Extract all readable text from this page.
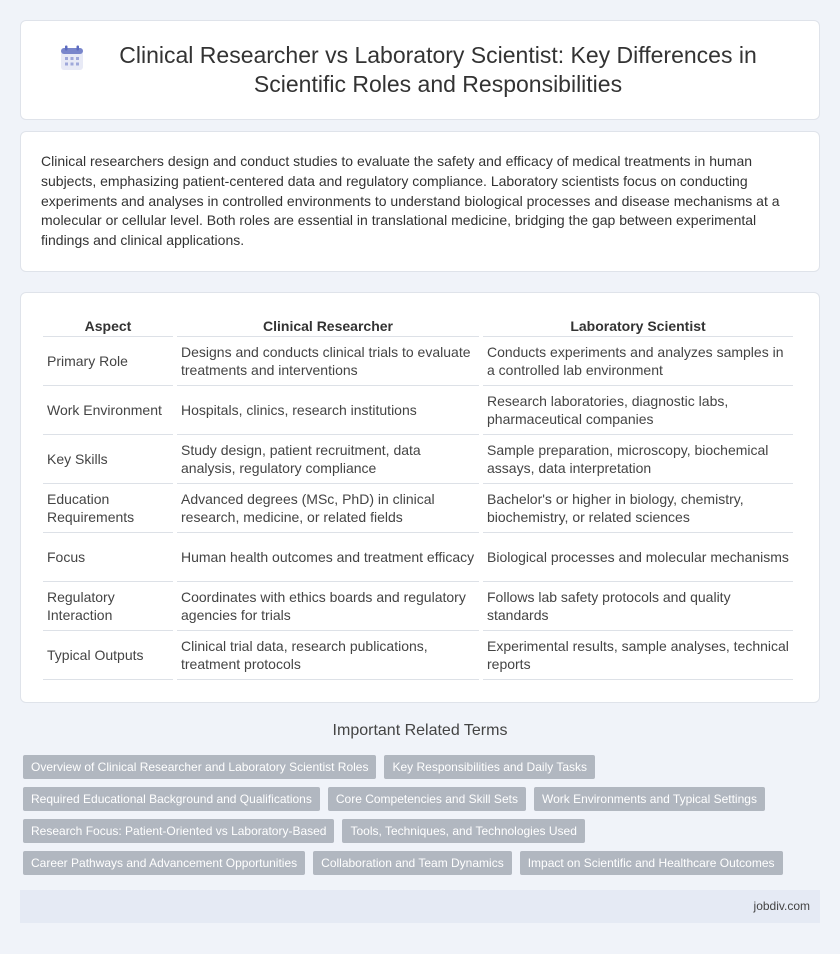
Clinical Researcher vs Laboratory Scientist: Key Differences in Scientific Roles and Responsibilities

Clinical researchers design and conduct studies to evaluate the safety and efficacy of medical treatments in human subjects, emphasizing patient-centered data and regulatory compliance. Laboratory scientists focus on conducting experiments and analyses in controlled environments to understand biological processes and disease mechanisms at a molecular or cellular level. Both roles are essential in translational medicine, bridging the gap between experimental findings and clinical applications.

Aspect	Clinical Researcher	Laboratory Scientist
Primary Role	Designs and conducts clinical trials to evaluate treatments and interventions	Conducts experiments and analyzes samples in a controlled lab environment
Work Environment	Hospitals, clinics, research institutions	Research laboratories, diagnostic labs, pharmaceutical companies
Key Skills	Study design, patient recruitment, data analysis, regulatory compliance	Sample preparation, microscopy, biochemical assays, data interpretation
Education Requirements	Advanced degrees (MSc, PhD) in clinical research, medicine, or related fields	Bachelor's or higher in biology, chemistry, biochemistry, or related sciences
Focus	Human health outcomes and treatment efficacy	Biological processes and molecular mechanisms
Regulatory Interaction	Coordinates with ethics boards and regulatory agencies for trials	Follows lab safety protocols and quality standards
Typical Outputs	Clinical trial data, research publications, treatment protocols	Experimental results, sample analyses, technical reports
Important Related Terms
Overview of Clinical Researcher and Laboratory Scientist Roles	Key Responsibilities and Daily Tasks
Required Educational Background and Qualifications	Core Competencies and Skill Sets	Work Environments and Typical Settings
Research Focus: Patient-Oriented vs Laboratory-Based	Tools, Techniques, and Technologies Used
Career Pathways and Advancement Opportunities	Collaboration and Team Dynamics	Impact on Scientific and Healthcare Outcomes
jobdiv.com
